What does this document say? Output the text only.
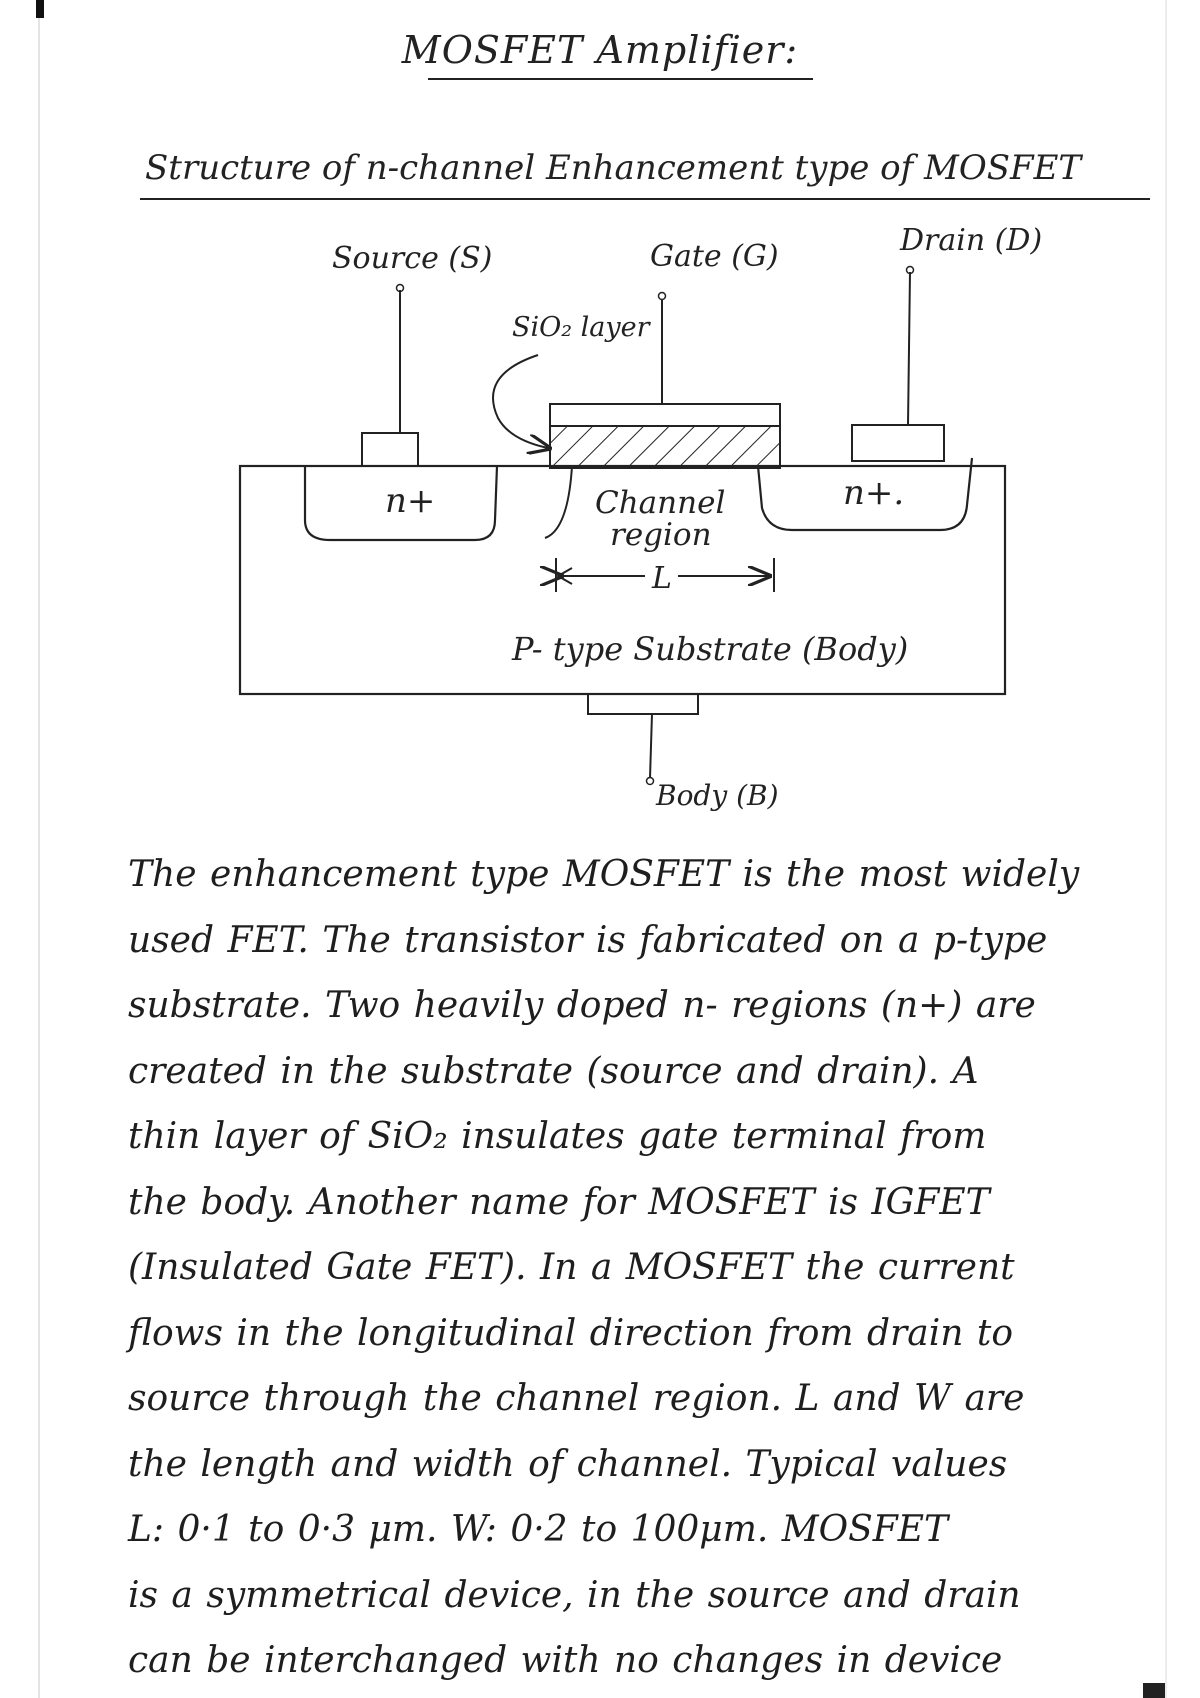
MOSFET Amplifier:
Structure of n-channel Enhancement type of MOSFET
Source (S)	Gate (G)	Drain (D)
SiO₂ layer
n+	n+.
Channel
region
L
P- type Substrate (Body)
Body (B)
The enhancement type MOSFET is the most widely
used FET. The transistor is fabricated on a p-type
substrate. Two heavily doped n- regions (n+) are
created in the substrate (source and drain). A
thin layer of SiO₂ insulates gate terminal from
the body. Another name for MOSFET is IGFET
(Insulated Gate FET). In a MOSFET the current
flows in the longitudinal direction from drain to
source through the channel region. L and W are
the length and width of channel. Typical values
L: 0·1 to 0·3 μm. W: 0·2 to 100μm. MOSFET
is a symmetrical device, in the source and drain
can be interchanged with no changes in device
